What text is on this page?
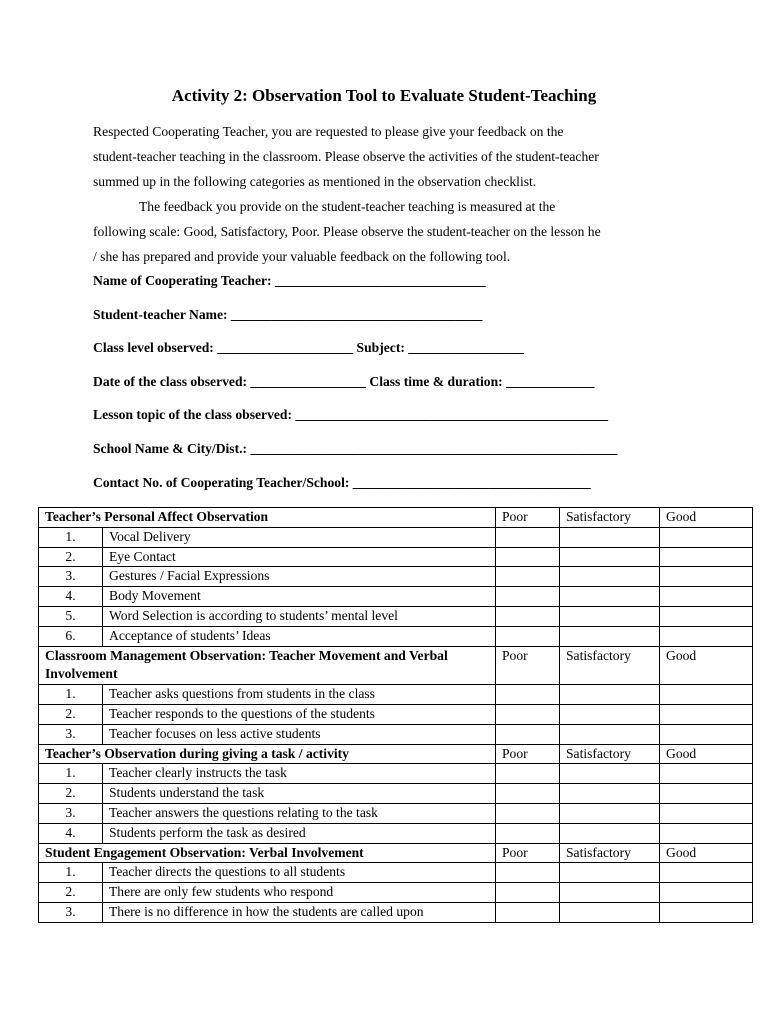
Activity 2: Observation Tool to Evaluate Student-Teaching

Respected Cooperating Teacher, you are requested to please give your feedback on the
student-teacher teaching in the classroom. Please observe the activities of the student-teacher
summed up in the following categories as mentioned in the observation checklist.

The feedback you provide on the student-teacher teaching is measured at the
following scale: Good, Satisfactory, Poor. Please observe the student-teacher on the lesson he
/ she has prepared and provide your valuable feedback on the following tool.

Name of Cooperating Teacher: _______________________________
Student-teacher Name: _____________________________________
Class level observed: ____________________ Subject: _________________
Date of the class observed: _________________ Class time & duration: _____________
Lesson topic of the class observed: ______________________________________________
School Name & City/Dist.: ______________________________________________________
Contact No. of Cooperating Teacher/School: ___________________________________
Teacher’s Personal Affect Observation		Poor	Satisfactory	Good
1.	Vocal Delivery			
2.	Eye Contact			
3.	Gestures / Facial Expressions			
4.	Body Movement			
5.	Word Selection is according to students’ mental level			
6.	Acceptance of students’ Ideas			
Classroom Management Observation: Teacher Movement and Verbal Involvement		Poor	Satisfactory	Good
1.	Teacher asks questions from students in the class			
2.	Teacher responds to the questions of the students			
3.	Teacher focuses on less active students			
Teacher’s Observation during giving a task / activity		Poor	Satisfactory	Good
1.	Teacher clearly instructs the task			
2.	Students understand the task			
3.	Teacher answers the questions relating to the task			
4.	Students perform the task as desired			
Student Engagement Observation: Verbal Involvement		Poor	Satisfactory	Good
1.	Teacher directs the questions to all students			
2.	There are only few students who respond			
3.	There is no difference in how the students are called upon			
